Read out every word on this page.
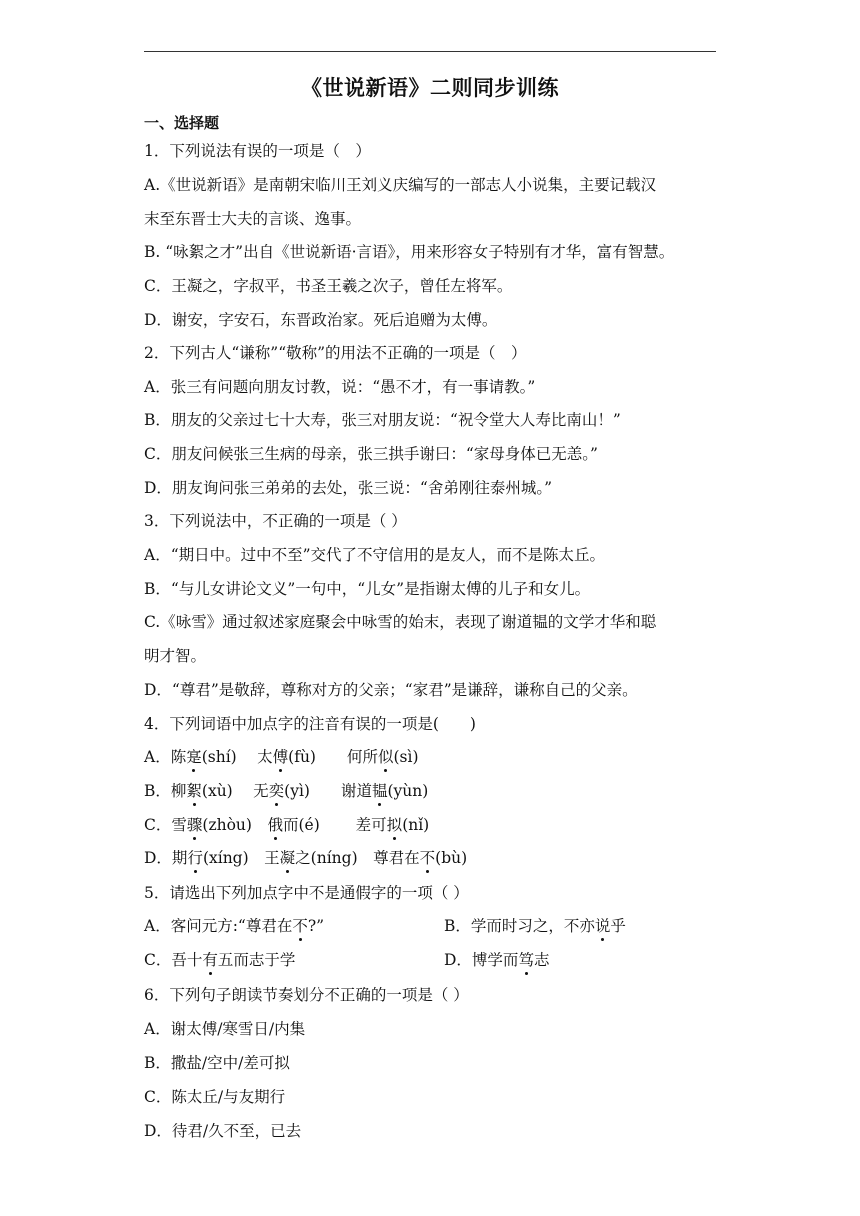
《世说新语》二则同步训练
一、选择题
1．下列说法有误的一项是（　）
A.《世说新语》是南朝宋临川王刘义庆编写的一部志人小说集，主要记载汉
末至东晋士大夫的言谈、逸事。
B. “咏絮之才”出自《世说新语·言语》，用来形容女子特别有才华，富有智慧。
C．王凝之，字叔平，书圣王羲之次子，曾任左将军。
D．谢安，字安石，东晋政治家。死后追赠为太傅。
2．下列古人“谦称”“敬称”的用法不正确的一项是（　）
A．张三有问题向朋友讨教，说：“愚不才，有一事请教。”
B．朋友的父亲过七十大寿，张三对朋友说：“祝令堂大人寿比南山！”
C．朋友问候张三生病的母亲，张三拱手谢曰：“家母身体已无恙。”
D．朋友询问张三弟弟的去处，张三说：“舍弟刚往泰州城。”
3．下列说法中，不正确的一项是（ ）
A．“期日中。过中不至”交代了不守信用的是友人，而不是陈太丘。
B．“与儿女讲论文义”一句中，“儿女”是指谢太傅的儿子和女儿。
C.《咏雪》通过叙述家庭聚会中咏雪的始末，表现了谢道韫的文学才华和聪
明才智。
D．“尊君”是敬辞，尊称对方的父亲；“家君”是谦辞，谦称自己的父亲。
4．下列词语中加点字的注音有误的一项是(　　)
A．陈寔(shí)　 太傅(fù)　　何所似(sì)
B．柳絮(xù)　 无奕(yì)　　谢道韫(yùn)
C．雪骤(zhòu)　俄而(é)　　 差可拟(nǐ)
D．期行(xíng)　王凝之(níng)　尊君在不(bù)
5．请选出下列加点字中不是通假字的一项（ ）
A．客问元方:“尊君在不?”	B．学而时习之，不亦说乎
C．吾十有五而志于学	D．博学而笃志
6．下列句子朗读节奏划分不正确的一项是（ ）
A．谢太傅/寒雪日/内集
B．撒盐/空中/差可拟
C．陈太丘/与友期行
D．待君/久不至，已去
